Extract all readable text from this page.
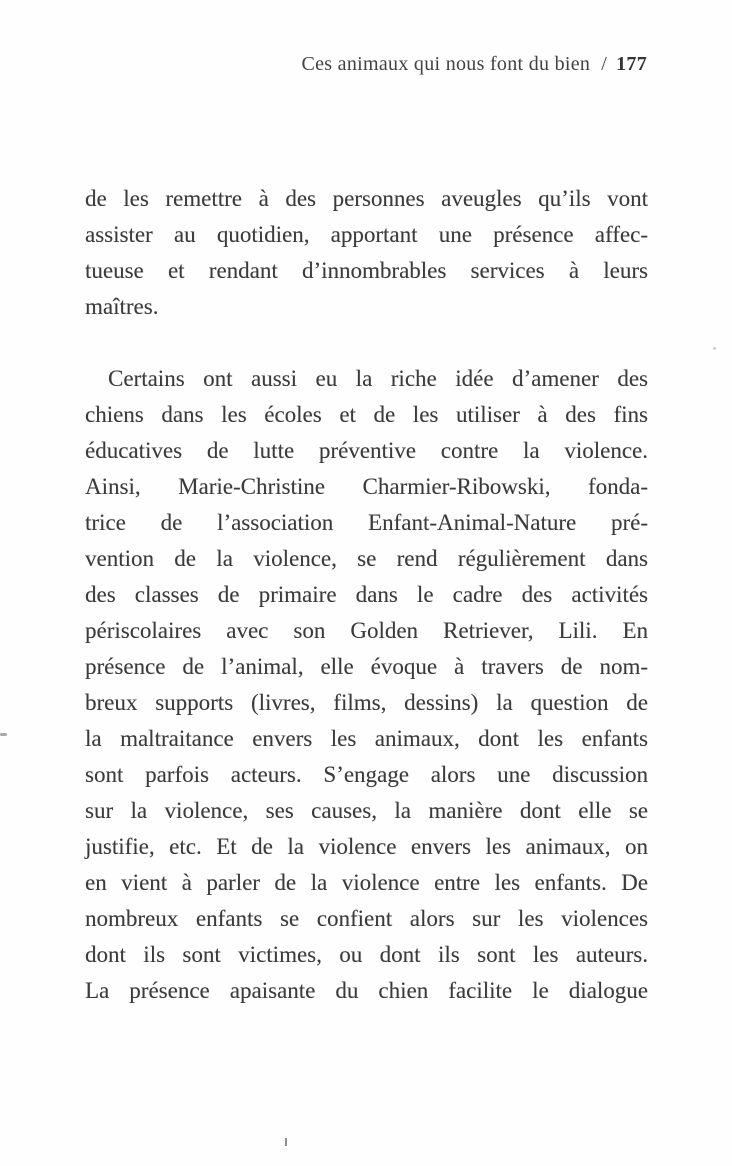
Ces animaux qui nous font du bien / 177
de les remettre à des personnes aveugles qu’ils vont
assister au quotidien, apportant une présence affec-
tueuse et rendant d’innombrables services à leurs
maîtres.
Certains ont aussi eu la riche idée d’amener des
chiens dans les écoles et de les utiliser à des fins
éducatives de lutte préventive contre la violence.
Ainsi, Marie-Christine Charmier-Ribowski, fonda-
trice de l’association Enfant-Animal-Nature pré-
vention de la violence, se rend régulièrement dans
des classes de primaire dans le cadre des activités
périscolaires avec son Golden Retriever, Lili. En
présence de l’animal, elle évoque à travers de nom-
breux supports (livres, films, dessins) la question de
la maltraitance envers les animaux, dont les enfants
sont parfois acteurs. S’engage alors une discussion
sur la violence, ses causes, la manière dont elle se
justifie, etc. Et de la violence envers les animaux, on
en vient à parler de la violence entre les enfants. De
nombreux enfants se confient alors sur les violences
dont ils sont victimes, ou dont ils sont les auteurs.
La présence apaisante du chien facilite le dialogue
